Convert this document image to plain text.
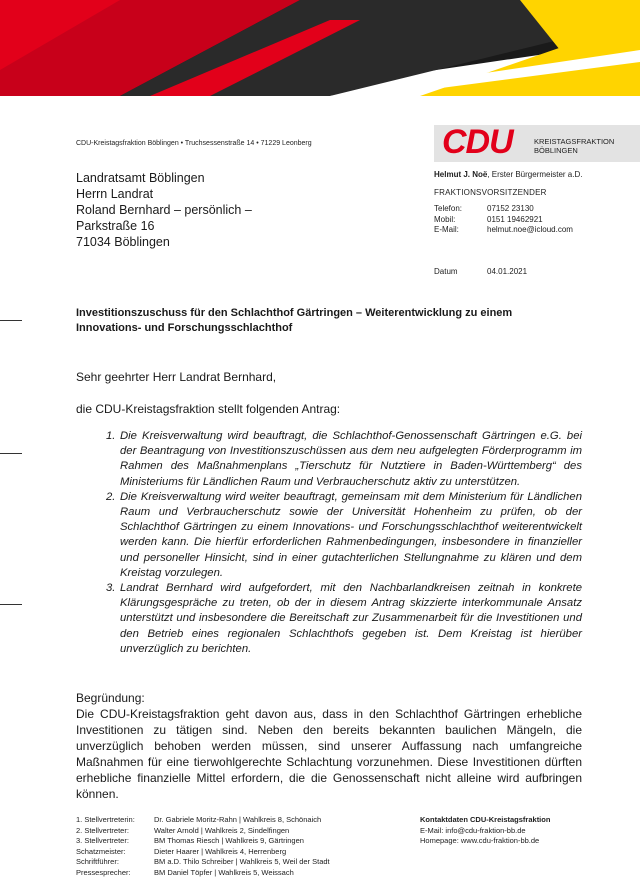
CDU-Kreistagsfraktion Böblingen • Truchsessenstraße 14 • 71229 Leonberg	CDU	KREISTAGSFRAKTION
BÖBLINGEN
Landratsamt Böblingen
Herrn Landrat
Roland Bernhard – persönlich –
Parkstraße 16
71034 Böblingen
Helmut J. Noë, Erster Bürgermeister a.D.
FRAKTIONSVORSITZENDER
Telefon:	07152 23130
Mobil:	0151 19462921
E-Mail:	helmut.noe@icloud.com
Datum	04.01.2021
Investitionszuschuss für den Schlachthof Gärtringen – Weiterentwicklung zu einem Innovations- und Forschungsschlachthof
Sehr geehrter Herr Landrat Bernhard,
die CDU-Kreistagsfraktion stellt folgenden Antrag:
1. Die Kreisverwaltung wird beauftragt, die Schlachthof-Genossenschaft Gärtringen e.G. bei der Beantragung von Investitionszuschüssen aus dem neu aufgelegten Förderprogramm im Rahmen des Maßnahmenplans „Tierschutz für Nutztiere in Baden-Württemberg“ des Ministeriums für Ländlichen Raum und Verbraucherschutz aktiv zu unterstützen.
2. Die Kreisverwaltung wird weiter beauftragt, gemeinsam mit dem Ministerium für Ländlichen Raum und Verbraucherschutz sowie der Universität Hohenheim zu prüfen, ob der Schlachthof Gärtringen zu einem Innovations- und Forschungsschlachthof weiterentwickelt werden kann. Die hierfür erforderlichen Rahmenbedingungen, insbesondere in finanzieller und personeller Hinsicht, sind in einer gutachterlichen Stellungnahme zu klären und dem Kreistag vorzulegen.
3. Landrat Bernhard wird aufgefordert, mit den Nachbarlandkreisen zeitnah in konkrete Klärungsgespräche zu treten, ob der in diesem Antrag skizzierte interkommunale Ansatz unterstützt und insbesondere die Bereitschaft zur Zusammenarbeit für die Investitionen und den Betrieb eines regionalen Schlachthofs gegeben ist. Dem Kreistag ist hierüber unverzüglich zu berichten.
Begründung:
Die CDU-Kreistagsfraktion geht davon aus, dass in den Schlachthof Gärtringen erhebliche Investitionen zu tätigen sind. Neben den bereits bekannten baulichen Mängeln, die unverzüglich behoben werden müssen, sind unserer Auffassung nach umfangreiche Maßnahmen für eine tierwohlgerechte Schlachtung vorzunehmen. Diese Investitionen dürften erhebliche finanzielle Mittel erfordern, die die Genossenschaft nicht alleine wird aufbringen können.
1. Stellvertreterin:	Dr. Gabriele Moritz-Rahn | Wahlkreis 8, Schönaich
2. Stellvertreter:	Walter Arnold | Wahlkreis 2, Sindelfingen
3. Stellvertreter:	BM Thomas Riesch | Wahlkreis 9, Gärtringen
Schatzmeister:	Dieter Haarer | Wahlkreis 4, Herrenberg
Schriftführer:	BM a.D. Thilo Schreiber | Wahlkreis 5, Weil der Stadt
Pressesprecher:	BM Daniel Töpfer | Wahlkreis 5, Weissach
Kontaktdaten CDU-Kreistagsfraktion
E-Mail: info@cdu-fraktion-bb.de
Homepage: www.cdu-fraktion-bb.de
